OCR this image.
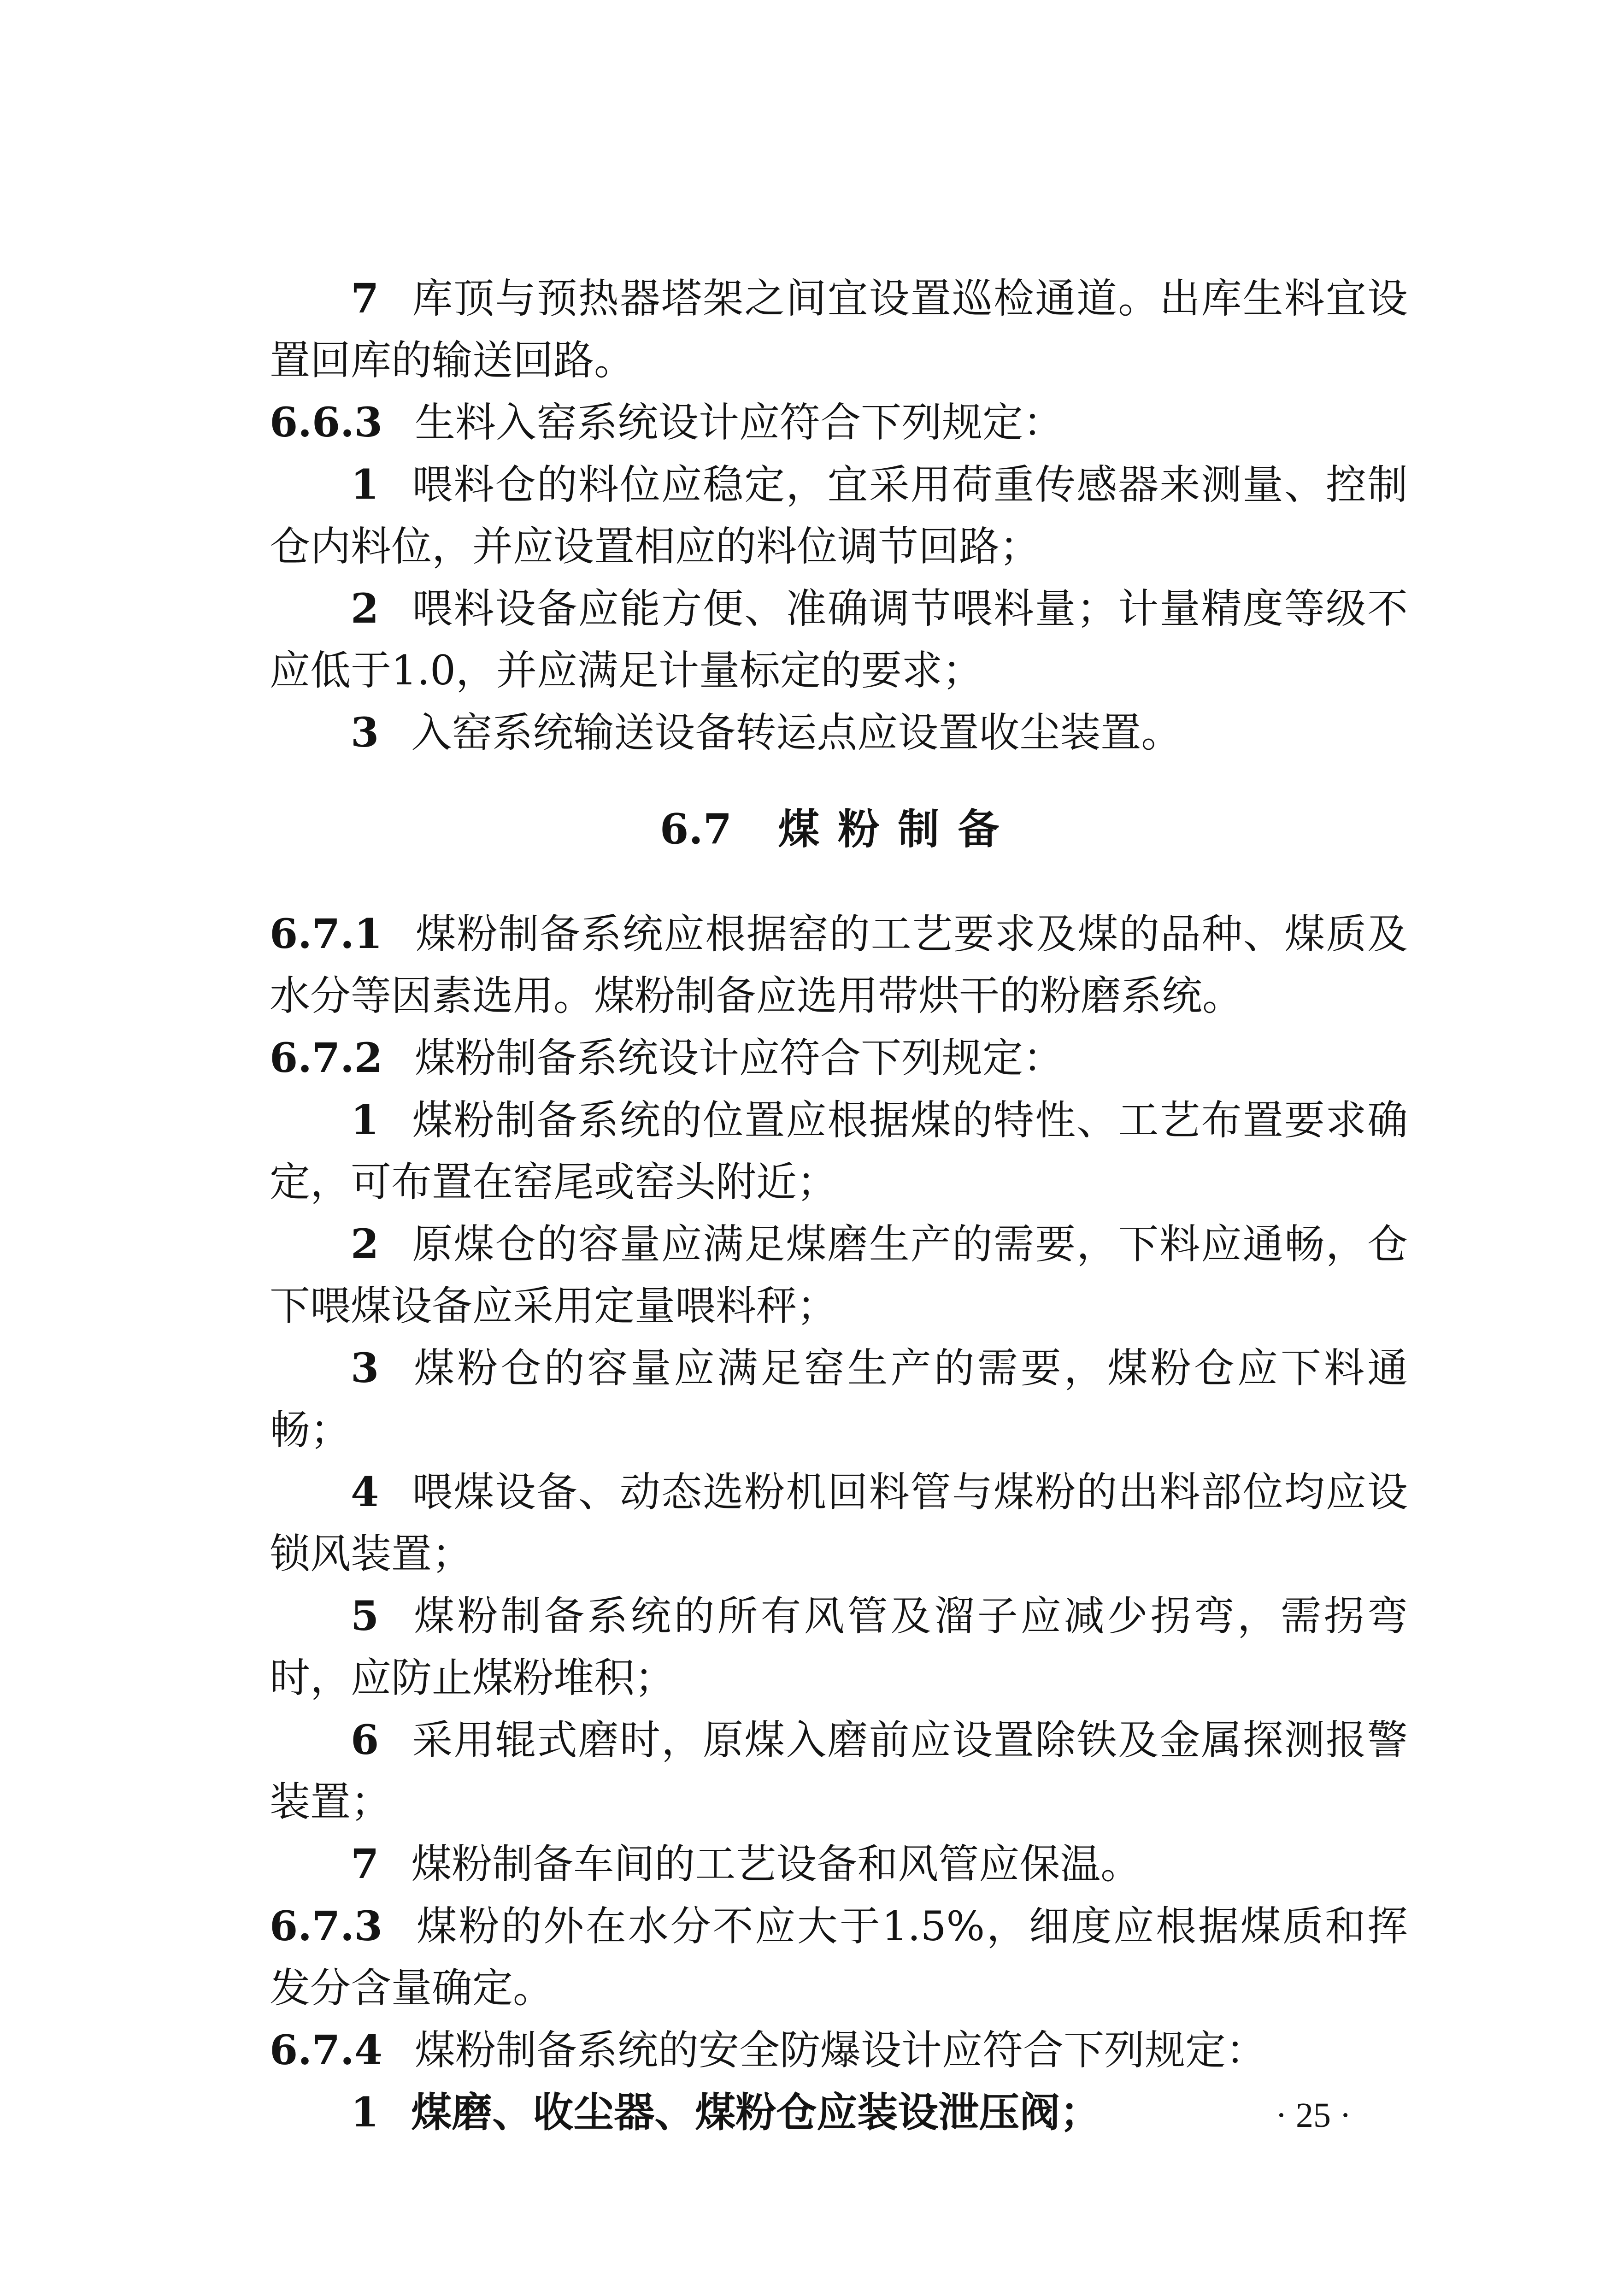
7 库顶与预热器塔架之间宜设置巡检通道。出库生料宜设置回库的输送回路。

6.6.3 生料入窑系统设计应符合下列规定：

1 喂料仓的料位应稳定，宜采用荷重传感器来测量、控制仓内料位，并应设置相应的料位调节回路；

2 喂料设备应能方便、准确调节喂料量；计量精度等级不应低于1.0，并应满足计量标定的要求；

3 入窑系统输送设备转运点应设置收尘装置。

6.7 煤粉制备

6.7.1 煤粉制备系统应根据窑的工艺要求及煤的品种、煤质及水分等因素选用。煤粉制备应选用带烘干的粉磨系统。

6.7.2 煤粉制备系统设计应符合下列规定：

1 煤粉制备系统的位置应根据煤的特性、工艺布置要求确定，可布置在窑尾或窑头附近；

2 原煤仓的容量应满足煤磨生产的需要，下料应通畅，仓下喂煤设备应采用定量喂料秤；

3 煤粉仓的容量应满足窑生产的需要，煤粉仓应下料通畅；

4 喂煤设备、动态选粉机回料管与煤粉的出料部位均应设锁风装置；

5 煤粉制备系统的所有风管及溜子应减少拐弯，需拐弯时，应防止煤粉堆积；

6 采用辊式磨时，原煤入磨前应设置除铁及金属探测报警装置；

7 煤粉制备车间的工艺设备和风管应保温。

6.7.3 煤粉的外在水分不应大于1.5%，细度应根据煤质和挥发分含量确定。

6.7.4 煤粉制备系统的安全防爆设计应符合下列规定：

1 煤磨、收尘器、煤粉仓应装设泄压阀；	· 25 ·
